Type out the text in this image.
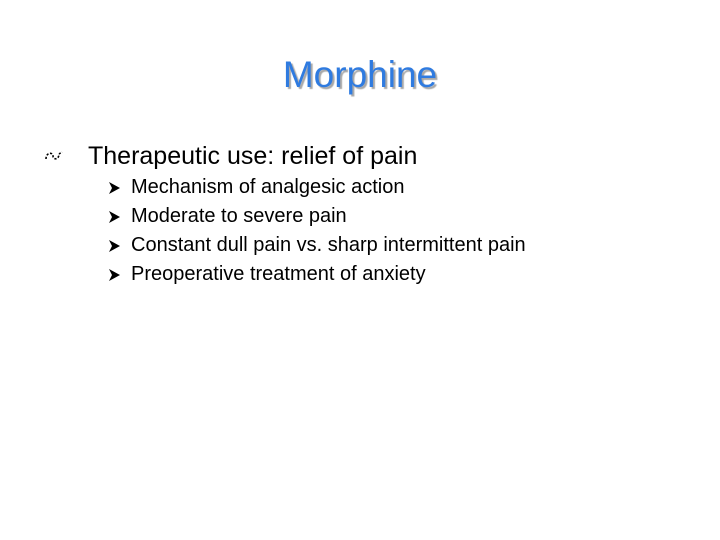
Morphine
Therapeutic use: relief of pain
Mechanism of analgesic action
Moderate to severe pain
Constant dull pain vs. sharp intermittent pain
Preoperative treatment of anxiety
